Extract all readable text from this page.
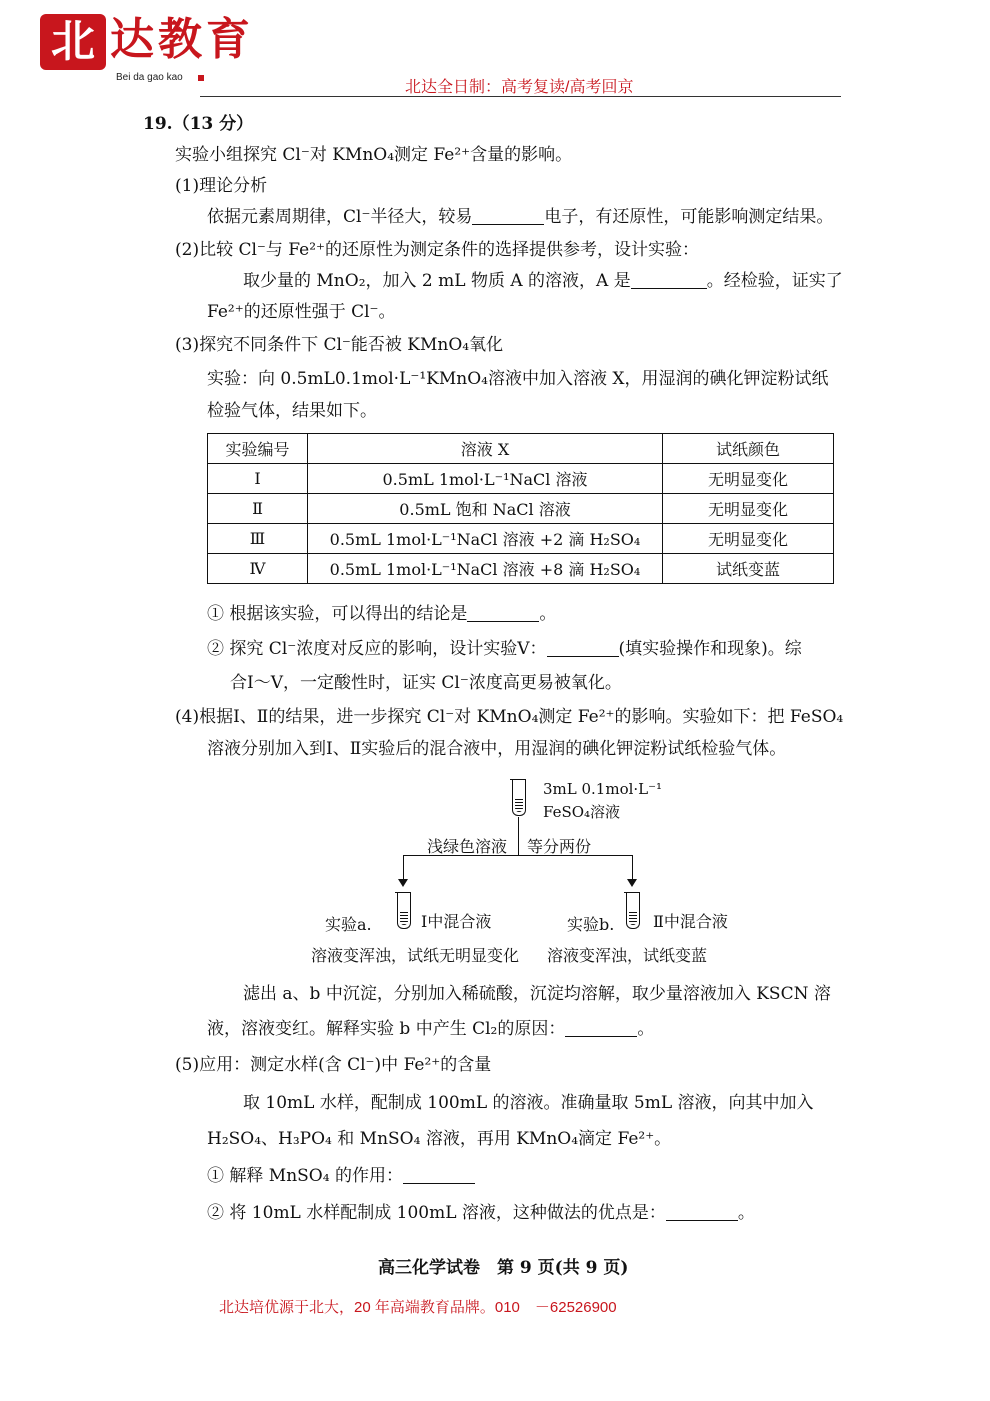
北 达教育
Bei da gao kao
北达全日制：高考复读/高考回京
19.（13 分）
实验小组探究 Cl⁻对 KMnO₄测定 Fe²⁺含量的影响。
(1)理论分析
依据元素周期律，Cl⁻半径大，较易	电子，有还原性，可能影响测定结果。
(2)比较 Cl⁻与 Fe²⁺的还原性为测定条件的选择提供参考，设计实验：
取少量的 MnO₂，加入 2 mL 物质 A 的溶液，A 是	。经检验，证实了
Fe²⁺的还原性强于 Cl⁻。
(3)探究不同条件下 Cl⁻能否被 KMnO₄氧化
实验：向 0.5mL0.1mol·L⁻¹KMnO₄溶液中加入溶液 X，用湿润的碘化钾淀粉试纸
检验气体，结果如下。
实验编号	溶液 X	试纸颜色
Ⅰ	0.5mL 1mol·L⁻¹NaCl 溶液	无明显变化
Ⅱ	0.5mL 饱和 NaCl 溶液	无明显变化
Ⅲ	0.5mL 1mol·L⁻¹NaCl 溶液 +2 滴 H₂SO₄	无明显变化
Ⅳ	0.5mL 1mol·L⁻¹NaCl 溶液 +8 滴 H₂SO₄	试纸变蓝
① 根据该实验，可以得出的结论是	。
② 探究 Cl⁻浓度对反应的影响，设计实验Ⅴ：	(填实验操作和现象)。综
合Ⅰ～Ⅴ，一定酸性时，证实 Cl⁻浓度高更易被氧化。
(4)根据Ⅰ、Ⅱ的结果，进一步探究 Cl⁻对 KMnO₄测定 Fe²⁺的影响。实验如下：把 FeSO₄
溶液分别加入到Ⅰ、Ⅱ实验后的混合液中，用湿润的碘化钾淀粉试纸检验气体。
3mL 0.1mol·L⁻¹
FeSO₄溶液
浅绿色溶液 等分两份
实验a.	Ⅰ中混合液	实验b. Ⅱ中混合液
溶液变浑浊，试纸无明显变化 溶液变浑浊，试纸变蓝
滤出 a、b 中沉淀，分别加入稀硫酸，沉淀均溶解，取少量溶液加入 KSCN 溶
液，溶液变红。解释实验 b 中产生 Cl₂的原因：	。
(5)应用：测定水样(含 Cl⁻)中 Fe²⁺的含量
取 10mL 水样，配制成 100mL 的溶液。准确量取 5mL 溶液，向其中加入
H₂SO₄、H₃PO₄ 和 MnSO₄ 溶液，再用 KMnO₄滴定 Fe²⁺。
① 解释 MnSO₄ 的作用：
② 将 10mL 水样配制成 100mL 溶液，这种做法的优点是：	。
高三化学试卷　第 9 页(共 9 页)
北达培优源于北大，20 年高端教育品牌。010　－62526900
